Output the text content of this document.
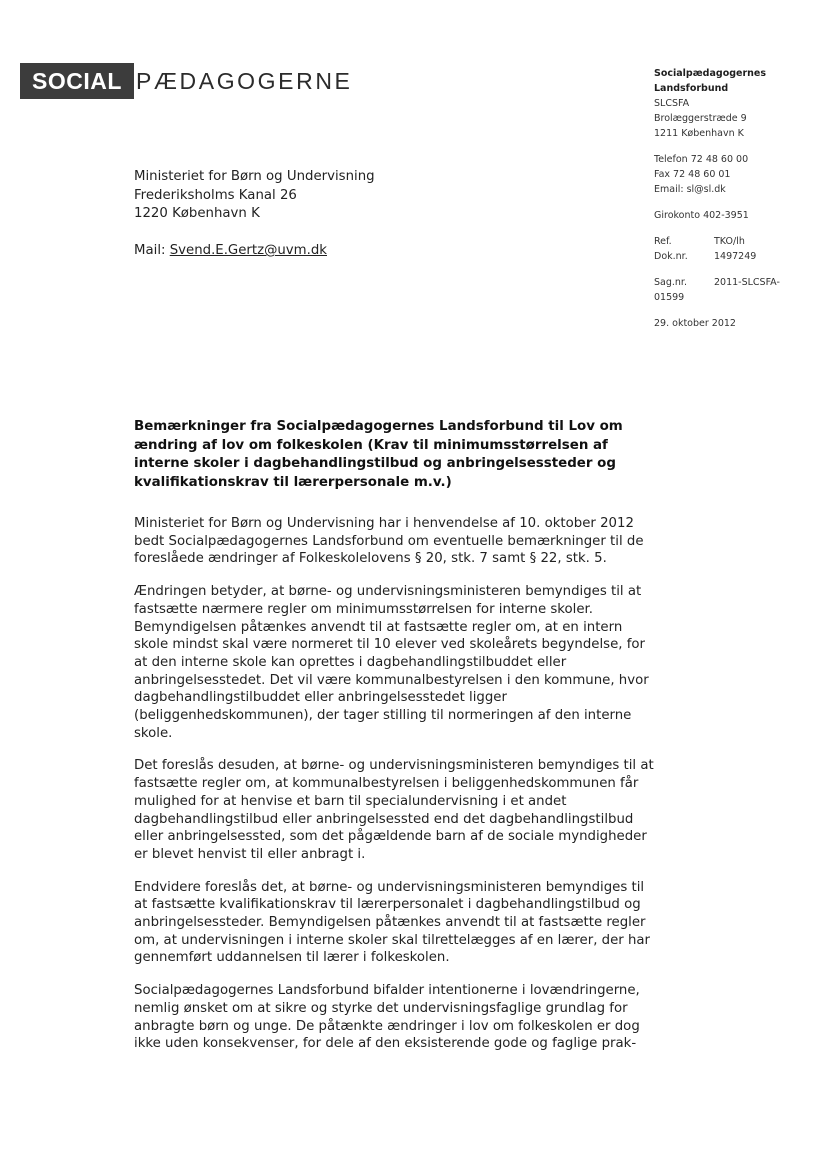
SOCIAL PÆDAGOGERNE	Socialpædagogernes
Landsforbund
SLCSFA
Brolæggerstræde 9
1211 København K
Telefon 72 48 60 00
Fax 72 48 60 01
Email: sl@sl.dk
Girokonto 402-3951
Ref.	TKO/lh
Dok.nr.	1497249
Sag.nr.	2011-SLCSFA-
01599
29. oktober 2012
Ministeriet for Børn og Undervisning
Frederiksholms Kanal 26
1220 København K
Mail: Svend.E.Gertz@uvm.dk
Bemærkninger fra Socialpædagogernes Landsforbund til Lov om ændring af lov om folkeskolen (Krav til minimumsstørrelsen af interne skoler i dagbehandlingstilbud og anbringelsessteder og kvalifikationskrav til lærerpersonale m.v.)

Ministeriet for Børn og Undervisning har i henvendelse af 10. oktober 2012 bedt Socialpædagogernes Landsforbund om eventuelle bemærkninger til de foreslåede ændringer af Folkeskolelovens § 20, stk. 7 samt § 22, stk. 5.

Ændringen betyder, at børne- og undervisningsministeren bemyndiges til at fastsætte nærmere regler om minimumsstørrelsen for interne skoler. Bemyndigelsen påtænkes anvendt til at fastsætte regler om, at en intern skole mindst skal være normeret til 10 elever ved skoleårets begyndelse, for at den interne skole kan oprettes i dagbehandlingstilbuddet eller anbringelsesstedet. Det vil være kommunalbestyrelsen i den kommune, hvor dagbehandlingstilbuddet eller anbringelsesstedet ligger (beliggenhedskommunen), der tager stilling til normeringen af den interne skole.

Det foreslås desuden, at børne- og undervisningsministeren bemyndiges til at fastsætte regler om, at kommunalbestyrelsen i beliggenhedskommunen får mulighed for at henvise et barn til specialundervisning i et andet dagbehandlingstilbud eller anbringelsessted end det dagbehandlingstilbud eller anbringelsessted, som det pågældende barn af de sociale myndigheder er blevet henvist til eller anbragt i.

Endvidere foreslås det, at børne- og undervisningsministeren bemyndiges til at fastsætte kvalifikationskrav til lærerpersonalet i dagbehandlingstilbud og anbringelsessteder. Bemyndigelsen påtænkes anvendt til at fastsætte regler om, at undervisningen i interne skoler skal tilrettelægges af en lærer, der har gennemført uddannelsen til lærer i folkeskolen.

Socialpædagogernes Landsforbund bifalder intentionerne i lovændringerne, nemlig ønsket om at sikre og styrke det undervisningsfaglige grundlag for anbragte børn og unge. De påtænkte ændringer i lov om folkeskolen er dog ikke uden konsekvenser, for dele af den eksisterende gode og faglige prak-
